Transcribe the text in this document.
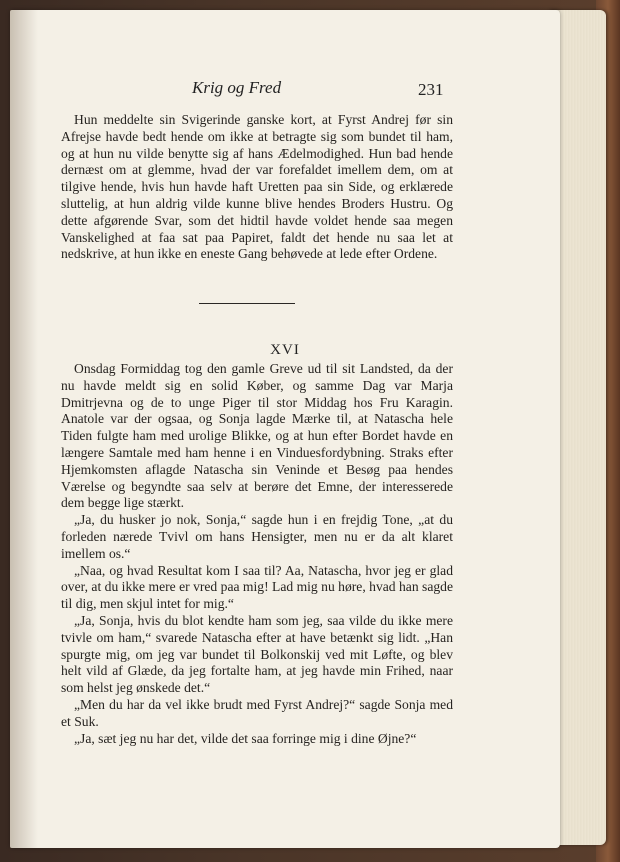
Krig og Fred	231

Hun meddelte sin Svigerinde ganske kort, at Fyrst Andrej før sin Afrejse havde bedt hende om ikke at betragte sig som bundet til ham, og at hun nu vilde benytte sig af hans Ædelmodighed. Hun bad hende dernæst om at glemme, hvad der var forefaldet imellem dem, om at tilgive hende, hvis hun havde haft Uretten paa sin Side, og erklærede sluttelig, at hun aldrig vilde kunne blive hendes Broders Hustru. Og dette afgørende Svar, som det hidtil havde voldet hende saa megen Vanskelighed at faa sat paa Papiret, faldt det hende nu saa let at nedskrive, at hun ikke en eneste Gang behøvede at lede efter Ordene.

XVI

Onsdag Formiddag tog den gamle Greve ud til sit Landsted, da der nu havde meldt sig en solid Køber, og samme Dag var Marja Dmitrjevna og de to unge Piger til stor Middag hos Fru Karagin. Anatole var der ogsaa, og Sonja lagde Mærke til, at Natascha hele Tiden fulgte ham med urolige Blikke, og at hun efter Bordet havde en længere Samtale med ham henne i en Vinduesfordybning. Straks efter Hjemkomsten aflagde Natascha sin Veninde et Besøg paa hendes Værelse og begyndte saa selv at berøre det Emne, der interesserede dem begge lige stærkt.

„Ja, du husker jo nok, Sonja,“ sagde hun i en frejdig Tone, „at du forleden nærede Tvivl om hans Hensigter, men nu er da alt klaret imellem os.“

„Naa, og hvad Resultat kom I saa til? Aa, Natascha, hvor jeg er glad over, at du ikke mere er vred paa mig! Lad mig nu høre, hvad han sagde til dig, men skjul intet for mig.“

„Ja, Sonja, hvis du blot kendte ham som jeg, saa vilde du ikke mere tvivle om ham,“ svarede Natascha efter at have betænkt sig lidt. „Han spurgte mig, om jeg var bundet til Bolkonskij ved mit Løfte, og blev helt vild af Glæde, da jeg fortalte ham, at jeg havde min Frihed, naar som helst jeg ønskede det.“

„Men du har da vel ikke brudt med Fyrst Andrej?“ sagde Sonja med et Suk.

„Ja, sæt jeg nu har det, vilde det saa forringe mig i dine Øjne?“
